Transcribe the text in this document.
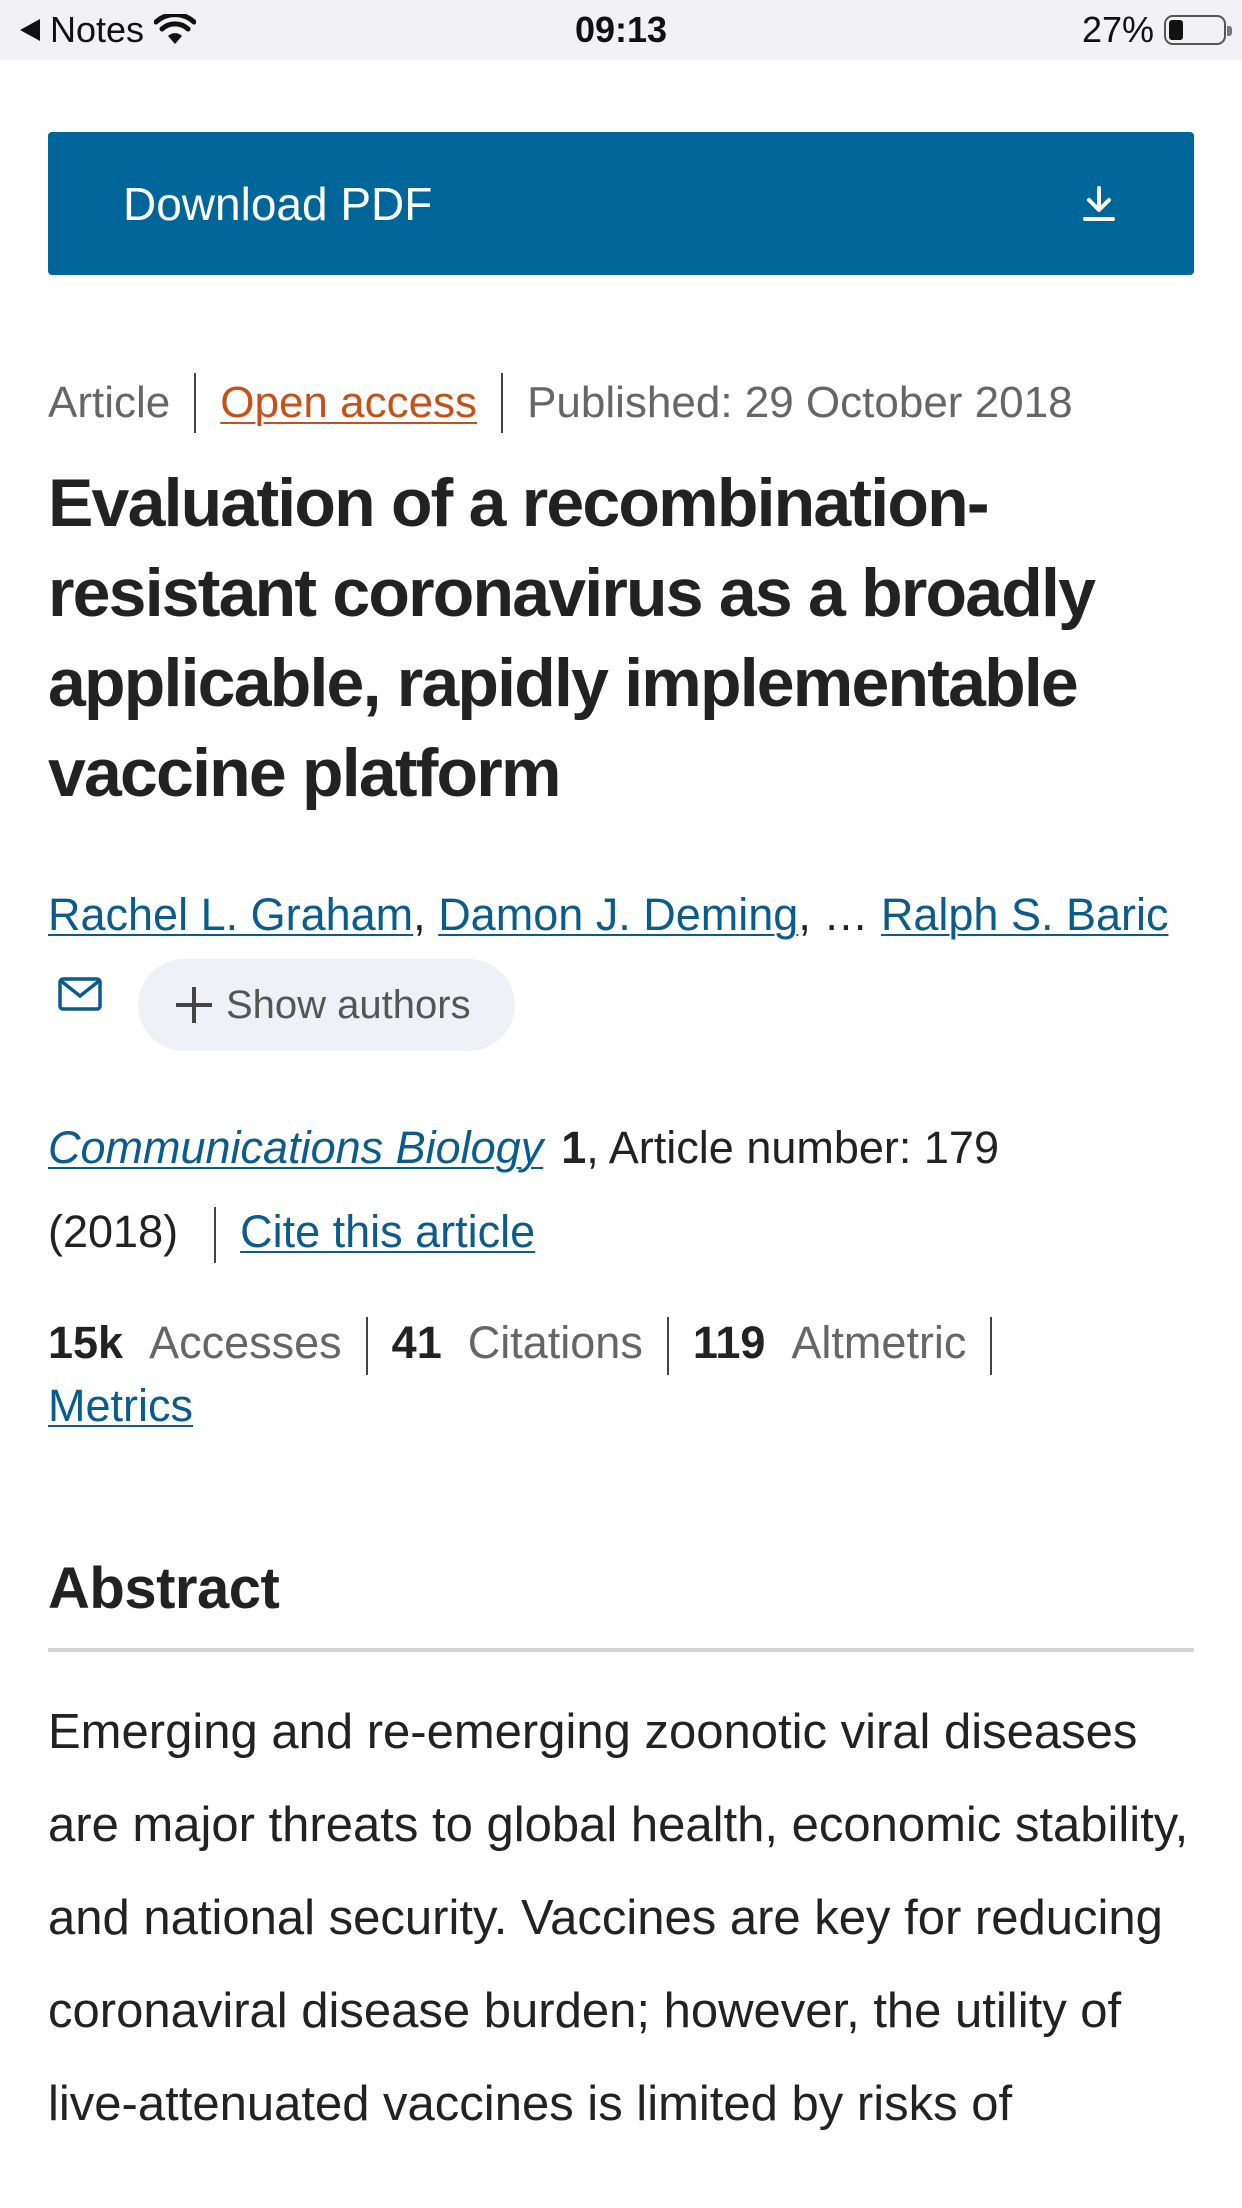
Notes	09:13	27%
Download PDF
Article Open access Published: 29 October 2018
Evaluation of a recombination-resistant coronavirus as a broadly applicable, rapidly implementable vaccine platform
Rachel L. Graham, Damon J. Deming, … Ralph S. Baric
Show authors
Communications Biology 1, Article number: 179
(2018) Cite this article
15k Accesses 41 Citations 119 Altmetric
Metrics
Abstract

Emerging and re-emerging zoonotic viral diseases are major threats to global health, economic stability, and national security. Vaccines are key for reducing coronaviral disease burden; however, the utility of live-attenuated vaccines is limited by risks of
